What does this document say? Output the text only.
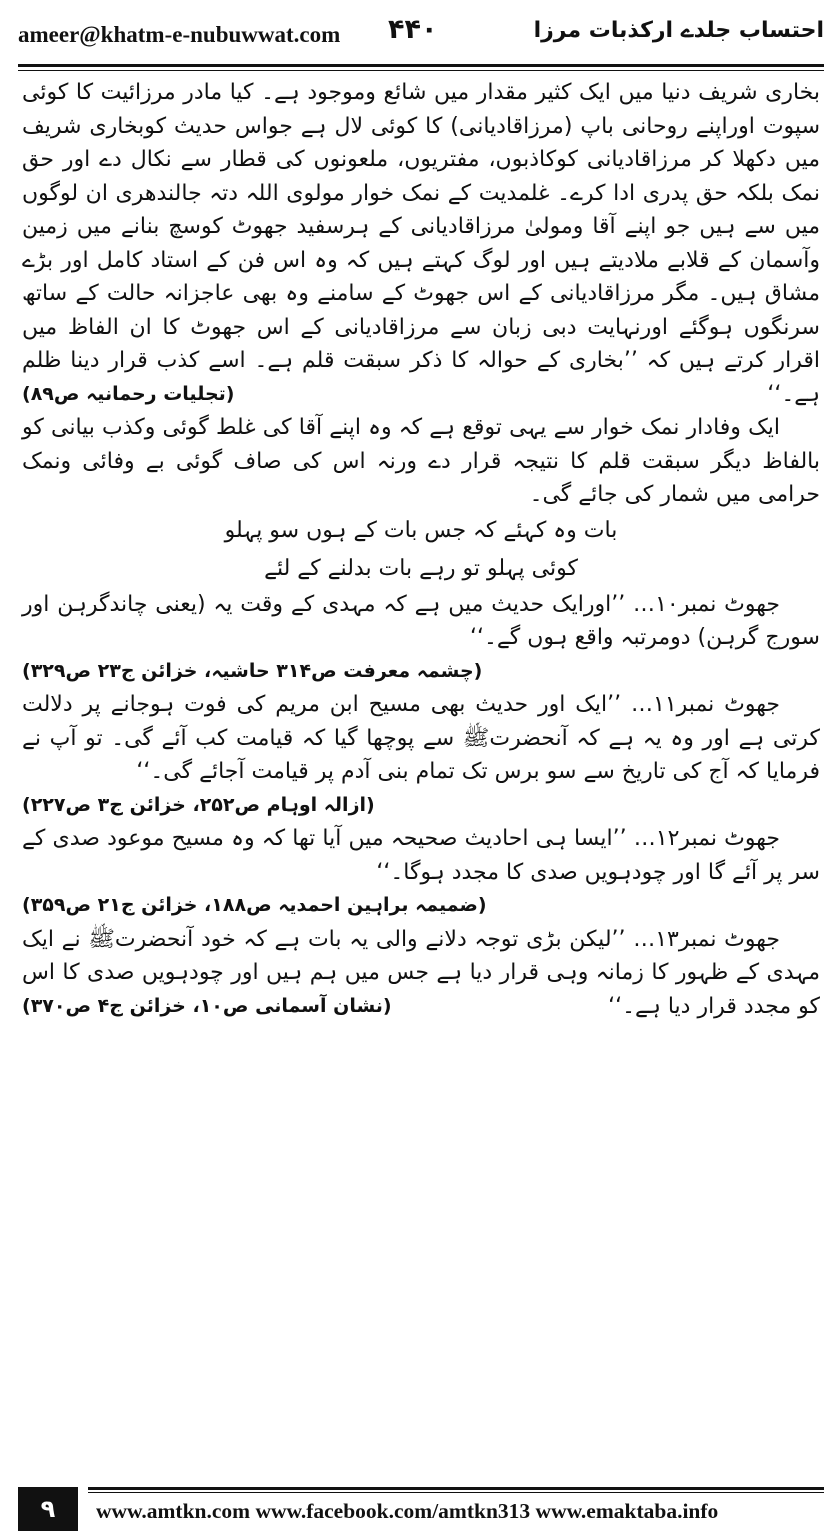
ameer@khatm-e-nubuwwat.com ۴۴۰	احتساب جلدے ارکذبات مرزا

بخاری شریف دنیا میں ایک کثیر مقدار میں شائع وموجود ہے۔ کیا مادر مرزائیت کا کوئی سپوت اوراپنے روحانی باپ (مرزاقادیانی) کا کوئی لال ہے جواس حدیث کوبخاری شریف میں دکھلا کر مرزاقادیانی کوکاذبوں، مفتریوں، ملعونوں کی قطار سے نکال دے اور حق نمک بلکہ حق پدری ادا کرے۔ غلمدیت کے نمک خوار مولوی اللہ دتہ جالندھری ان لوگوں میں سے ہیں جو اپنے آقا ومولیٰ مرزاقادیانی کے ہرسفید جھوٹ کوسچ بنانے میں زمین وآسمان کے قلابے ملادیتے ہیں اور لوگ کہتے ہیں کہ وہ اس فن کے استاد کامل اور بڑے مشاق ہیں۔ مگر مرزاقادیانی کے اس جھوٹ کے سامنے وہ بھی عاجزانہ حالت کے ساتھ سرنگوں ہوگئے اورنہایت دبی زبان سے مرزاقادیانی کے اس جھوٹ کا ان الفاظ میں اقرار کرتے ہیں کہ ’’بخاری کے حوالہ کا ذکر سبقت قلم ہے۔ اسے کذب قرار دینا ظلم ہے۔‘‘
(تجلیات رحمانیہ ص۸۹)

ایک وفادار نمک خوار سے یہی توقع ہے کہ وہ اپنے آقا کی غلط گوئی وکذب بیانی کو بالفاظ دیگر سبقت قلم کا نتیجہ قرار دے ورنہ اس کی صاف گوئی بے وفائی ونمک حرامی میں شمار کی جائے گی۔

بات وہ کہئے کہ جس بات کے ہوں سو پہلو
کوئی پہلو تو رہے بات بدلنے کے لئے

جھوٹ نمبر۱۰… ’’اورایک حدیث میں ہے کہ مہدی کے وقت یہ (یعنی چاندگرہن اور سورج گرہن) دومرتبہ واقع ہوں گے۔‘‘
(چشمہ معرفت ص۳۱۴ حاشیہ، خزائن ج۲۳ ص۳۲۹)

جھوٹ نمبر۱۱… ’’ایک اور حدیث بھی مسیح ابن مریم کی فوت ہوجانے پر دلالت کرتی ہے اور وہ یہ ہے کہ آنحضرتﷺ سے پوچھا گیا کہ قیامت کب آئے گی۔ تو آپ نے فرمایا کہ آج کی تاریخ سے سو برس تک تمام بنی آدم پر قیامت آجائے گی۔‘‘

(ازالہ اوہام ص۲۵۲، خزائن ج۳ ص۲۲۷)

جھوٹ نمبر۱۲… ’’ایسا ہی احادیث صحیحہ میں آیا تھا کہ وہ مسیح موعود صدی کے سر پر آئے گا اور چودہویں صدی کا مجدد ہوگا۔‘‘
(ضمیمہ براہین احمدیہ ص۱۸۸، خزائن ج۲۱ ص۳۵۹)

جھوٹ نمبر۱۳… ’’لیکن بڑی توجہ دلانے والی یہ بات ہے کہ خود آنحضرتﷺ نے ایک مہدی کے ظہور کا زمانہ وہی قرار دیا ہے جس میں ہم ہیں اور چودہویں صدی کا اس کو مجدد قرار دیا ہے۔‘‘
(نشان آسمانی ص۱۰، خزائن ج۴ ص۳۷۰)

۹	www.amtkn.com www.facebook.com/amtkn313 www.emaktaba.info
